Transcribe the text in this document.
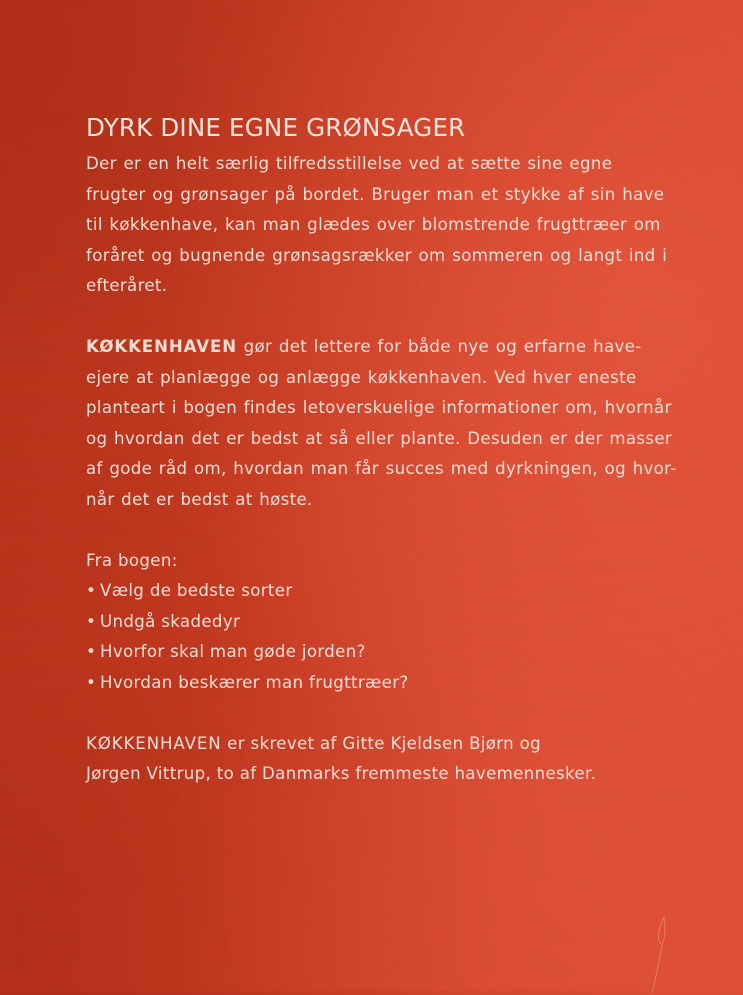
DYRK DINE EGNE GRØNSAGER

Der er en helt særlig tilfredsstillelse ved at sætte sine egne

frugter og grønsager på bordet. Bruger man et stykke af sin have

til køkkenhave, kan man glædes over blomstrende frugttræer om

foråret og bugnende grønsagsrækker om sommeren og langt ind i

efteråret.

KØKKENHAVEN gør det lettere for både nye og erfarne have-

ejere at planlægge og anlægge køkkenhaven. Ved hver eneste

planteart i bogen findes letoverskuelige informationer om, hvornår

og hvordan det er bedst at så eller plante. Desuden er der masser

af gode råd om, hvordan man får succes med dyrkningen, og hvor-

når det er bedst at høste.

Fra bogen:

• Vælg de bedste sorter
• Undgå skadedyr
• Hvorfor skal man gøde jorden?
• Hvordan beskærer man frugttræer?

KØKKENHAVEN er skrevet af Gitte Kjeldsen Bjørn og

Jørgen Vittrup, to af Danmarks fremmeste havemennesker.
